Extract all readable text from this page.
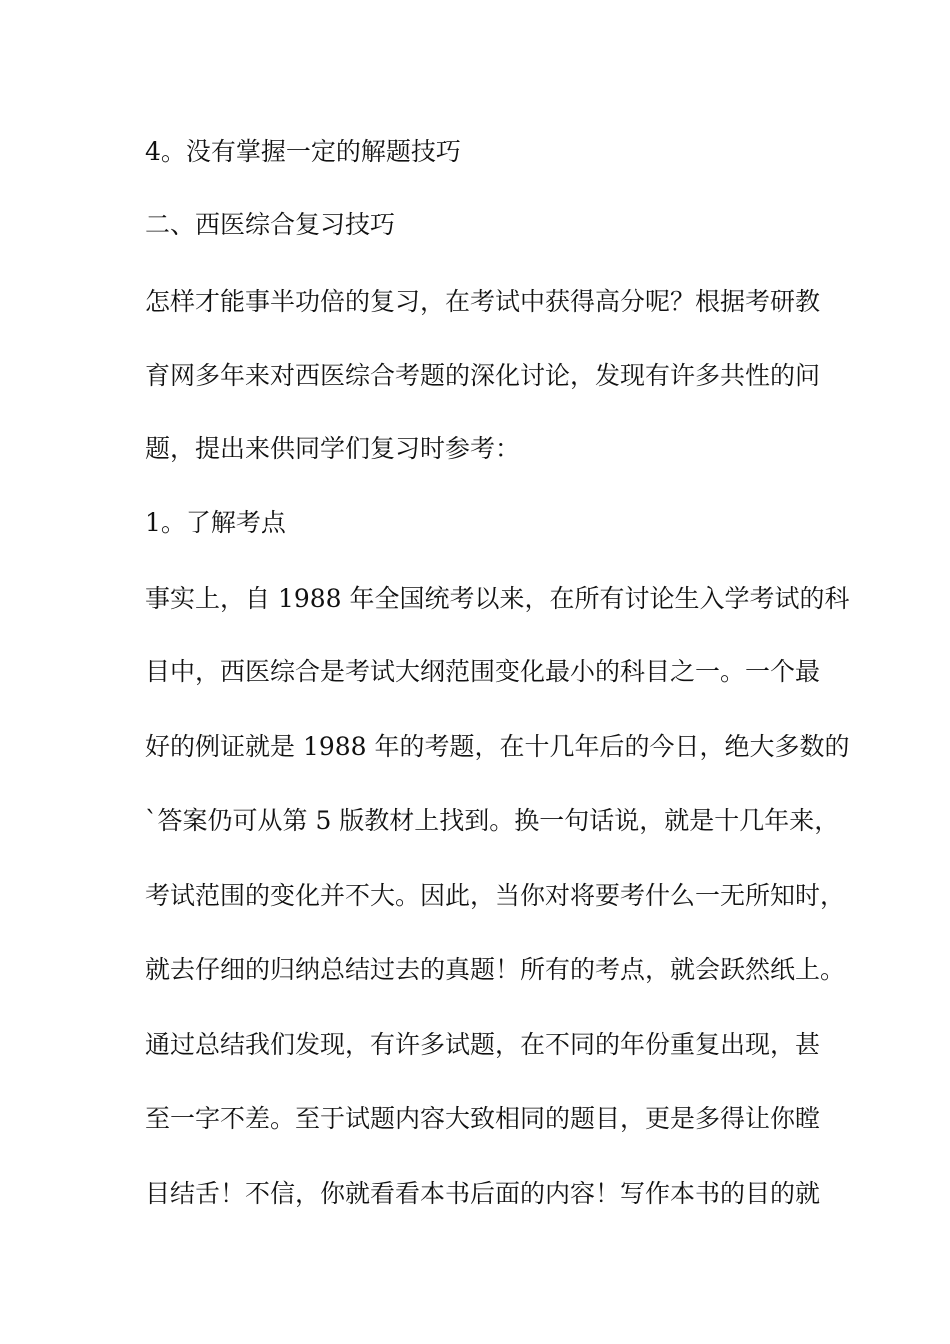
4。没有掌握一定的解题技巧

二、西医综合复习技巧

怎样才能事半功倍的复习，在考试中获得高分呢？根据考研教

育网多年来对西医综合考题的深化讨论，发现有许多共性的问

题，提出来供同学们复习时参考：

1。了解考点

事实上，自 1988 年全国统考以来，在所有讨论生入学考试的科

目中，西医综合是考试大纲范围变化最小的科目之一。一个最

好的例证就是 1988 年的考题，在十几年后的今日，绝大多数的

`答案仍可从第 5 版教材上找到。换一句话说，就是十几年来，

考试范围的变化并不大。因此，当你对将要考什么一无所知时，

就去仔细的归纳总结过去的真题！所有的考点，就会跃然纸上。

通过总结我们发现，有许多试题，在不同的年份重复出现，甚

至一字不差。至于试题内容大致相同的题目，更是多得让你瞠

目结舌！不信，你就看看本书后面的内容！写作本书的目的就
